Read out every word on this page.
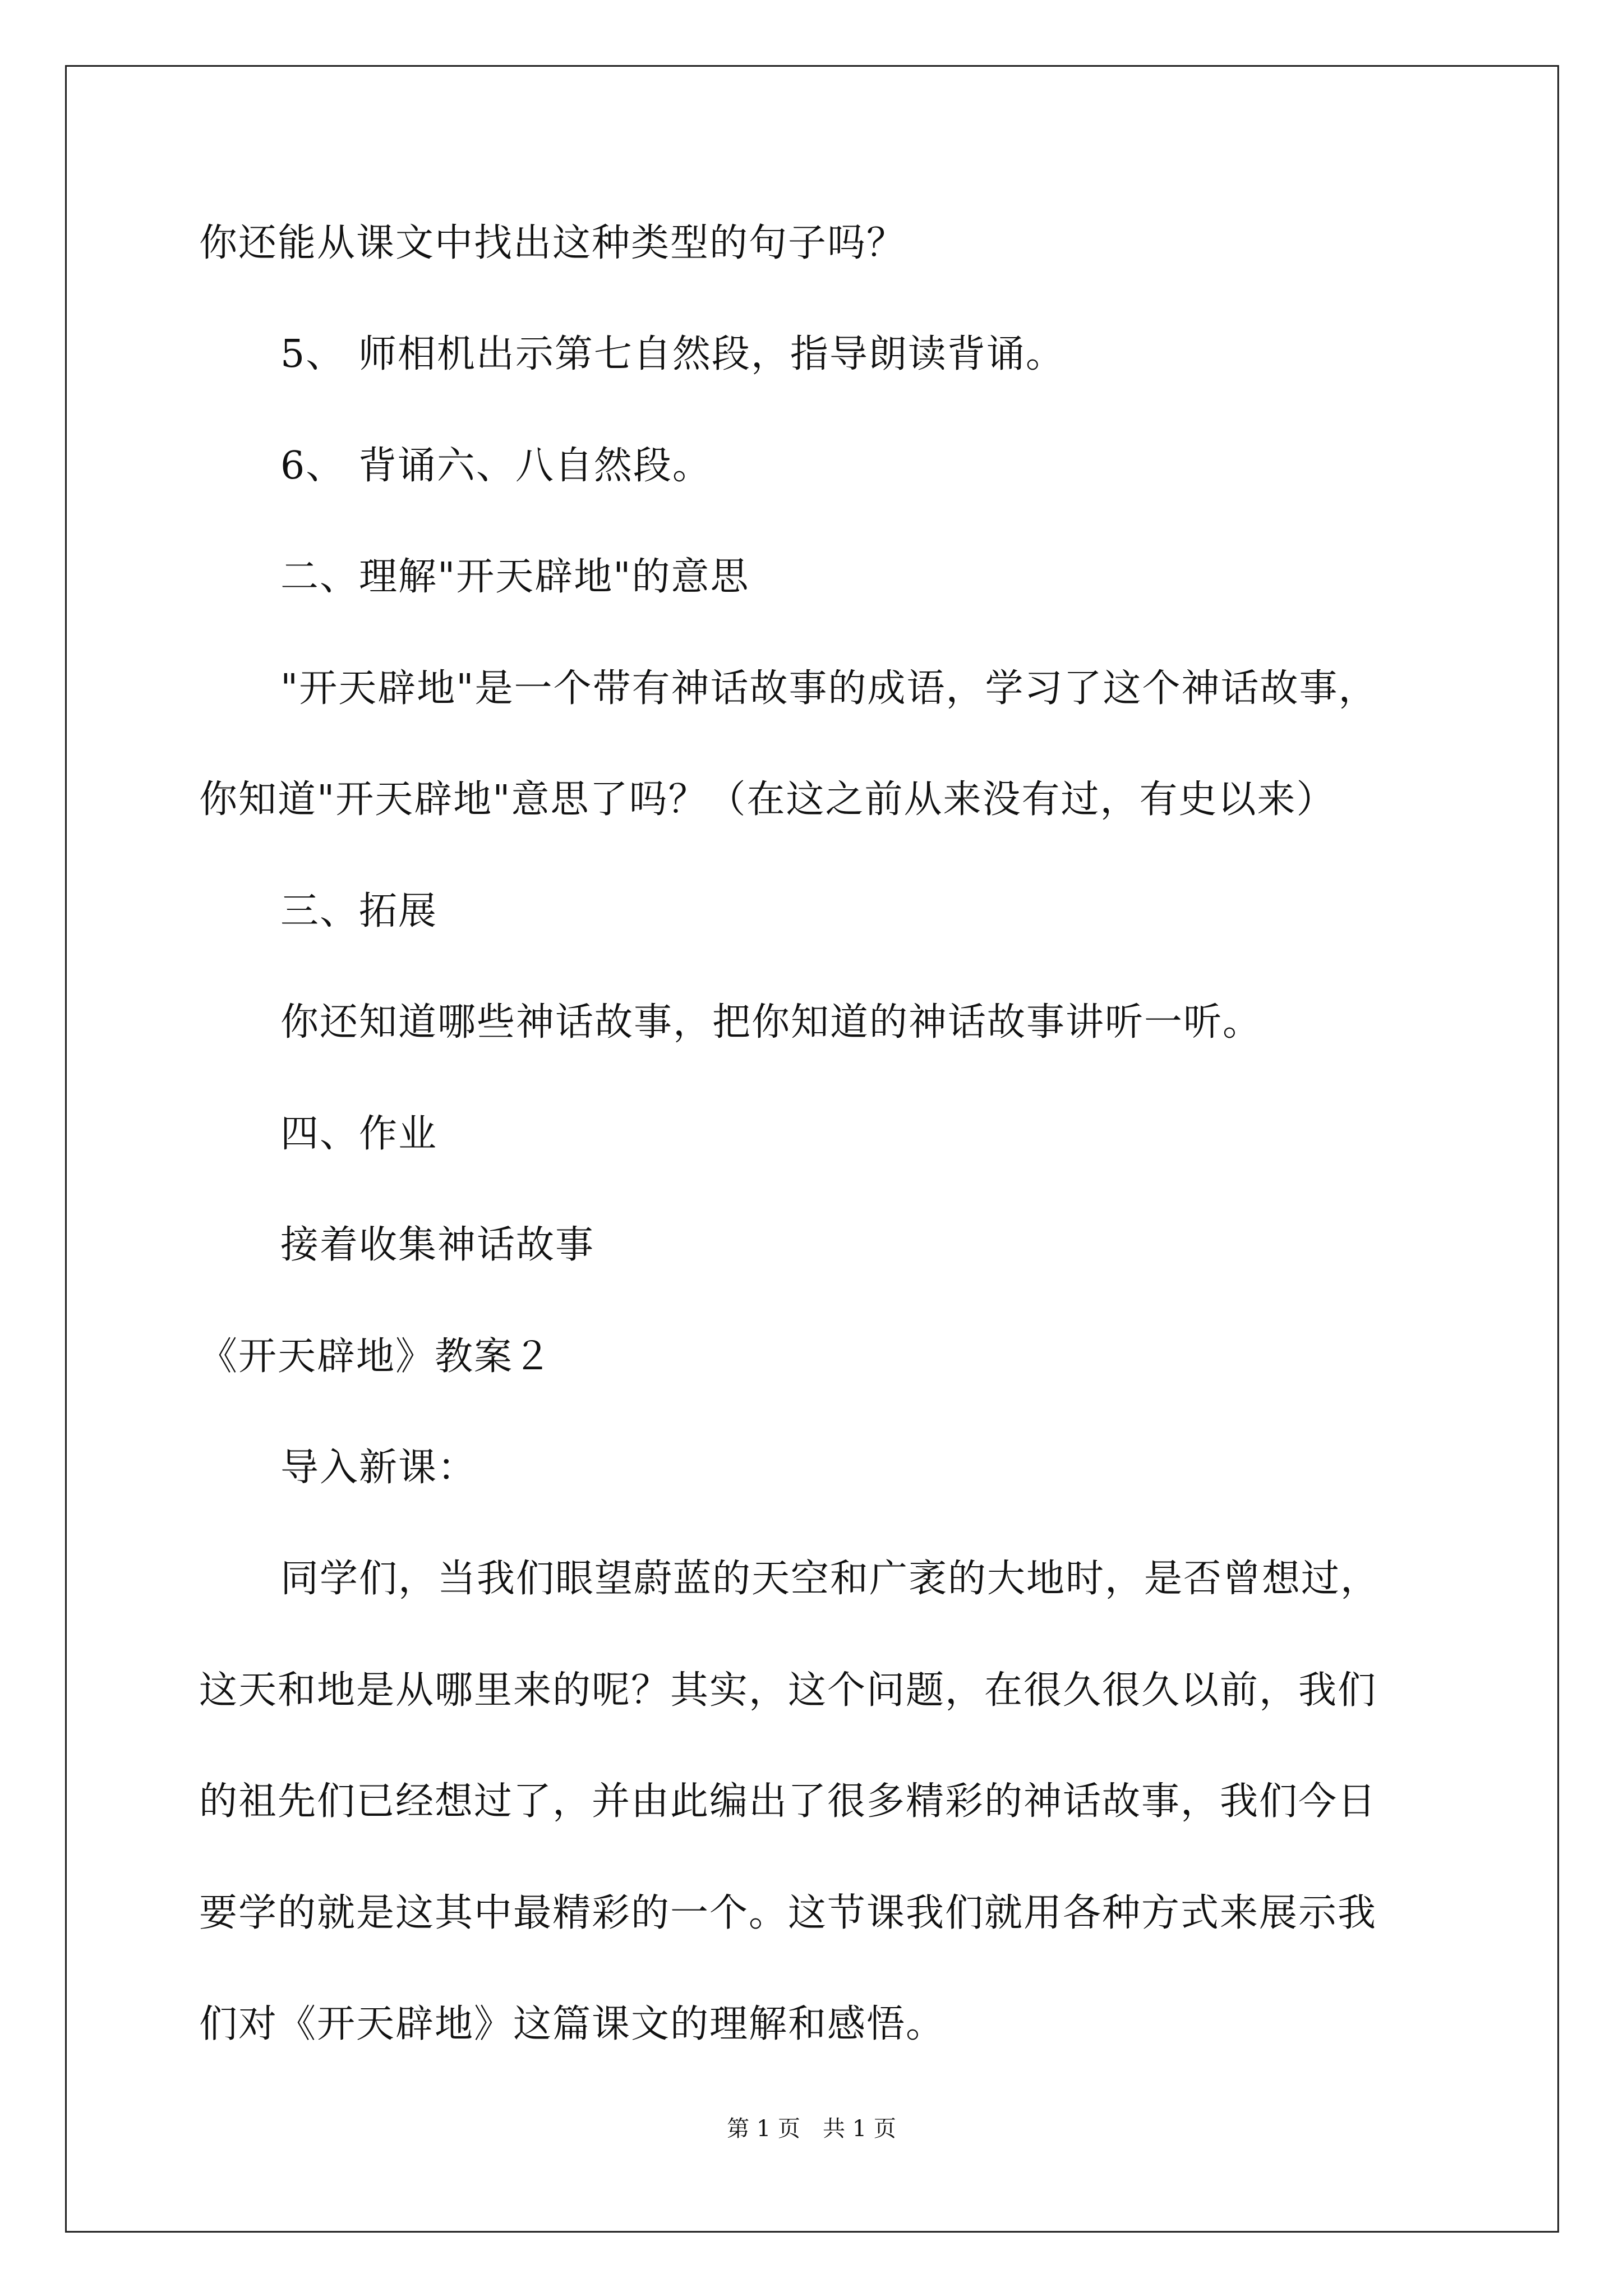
你还能从课文中找出这种类型的句子吗？
5、 师相机出示第七自然段，指导朗读背诵。
6、 背诵六、八自然段。
二、理解"开天辟地"的意思
"开天辟地"是一个带有神话故事的成语，学习了这个神话故事，
你知道"开天辟地"意思了吗？（在这之前从来没有过，有史以来）
三、拓展
你还知道哪些神话故事，把你知道的神话故事讲听一听。
四、作业
接着收集神话故事
《开天辟地》教案２
导入新课：
同学们，当我们眼望蔚蓝的天空和广袤的大地时，是否曾想过，
这天和地是从哪里来的呢？其实，这个问题，在很久很久以前，我们
的祖先们已经想过了，并由此编出了很多精彩的神话故事，我们今日
要学的就是这其中最精彩的一个。这节课我们就用各种方式来展示我
第 1 页　共 1 页
们对《开天辟地》这篇课文的理解和感悟。
